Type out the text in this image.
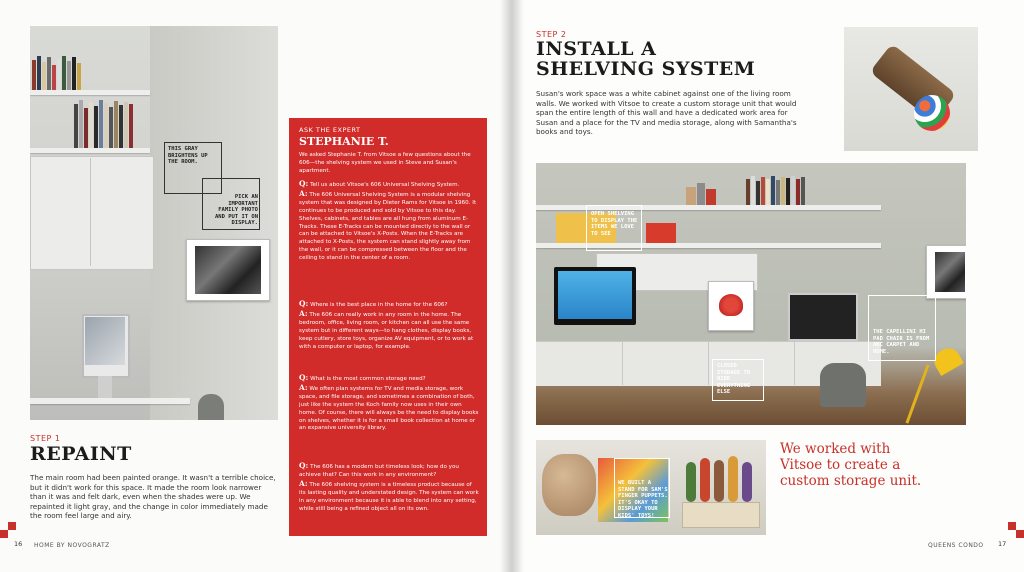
THIS GRAY BRIGHTENS UP THE ROOM.
PICK AN IMPORTANT FAMILY PHOTO AND PUT IT ON DISPLAY.
STEP 1
REPAINT
The main room had been painted orange. It wasn't a terrible choice, but it didn't work for this space. It made the room look narrower than it was and felt dark, even when the shades were up. We repainted it light gray, and the change in color immediately made the room feel large and airy.
ASK THE EXPERT
STEPHANIE T.
We asked Stephanie T. from Vitsoe a few questions about the 606—the shelving system we used in Steve and Susan's apartment.
Q: Tell us about Vitsoe's 606 Universal Shelving System.
A: The 606 Universal Shelving System is a modular shelving system that was designed by Dieter Rams for Vitsoe in 1960. It continues to be produced and sold by Vitsoe to this day. Shelves, cabinets, and tables are all hung from aluminum E-Tracks. These E-Tracks can be mounted directly to the wall or can be attached to Vitsoe's X-Posts. When the E-Tracks are attached to X-Posts, the system can stand slightly away from the wall, or it can be compressed between the floor and the ceiling to stand in the center of a room.
Q: Where is the best place in the home for the 606?
A: The 606 can really work in any room in the home. The bedroom, office, living room, or kitchen can all use the same system but in different ways—to hang clothes, display books, keep cutlery, store toys, organize AV equipment, or to work at with a computer or laptop, for example.
Q: What is the most common storage need?
A: We often plan systems for TV and media storage, work space, and file storage, and sometimes a combination of both, just like the system the Koch family now uses in their own home. Of course, there will always be the need to display books on shelves, whether it is for a small book collection at home or an expansive university library.
Q: The 606 has a modern but timeless look; how do you achieve that? Can this work in any environment?
A: The 606 shelving system is a timeless product because of its lasting quality and understated design. The system can work in any environment because it is able to blend into any setting, while still being a refined object all on its own.
16 HOME BY NOVOGRATZ
STEP 2
INSTALL A
SHELVING SYSTEM
Susan's work space was a white cabinet against one of the living room walls. We worked with Vitsoe to create a custom storage unit that would span the entire length of this wall and have a dedicated work area for Susan and a place for the TV and media storage, along with Samantha's books and toys.
17
QUEENS CONDO
OPEN SHELVING TO DISPLAY THE ITEMS WE LOVE TO SEE
CLOSED STORAGE TO HIDE EVERYTHING ELSE
THE CAPELLINI HI PAD CHAIR IS FROM ABC CARPET AND HOME.
WE BUILT A STAND FOR SAM'S FINGER PUPPETS. IT'S OKAY TO DISPLAY YOUR KIDS' TOYS!
We worked with Vitsoe to create a custom storage unit.
